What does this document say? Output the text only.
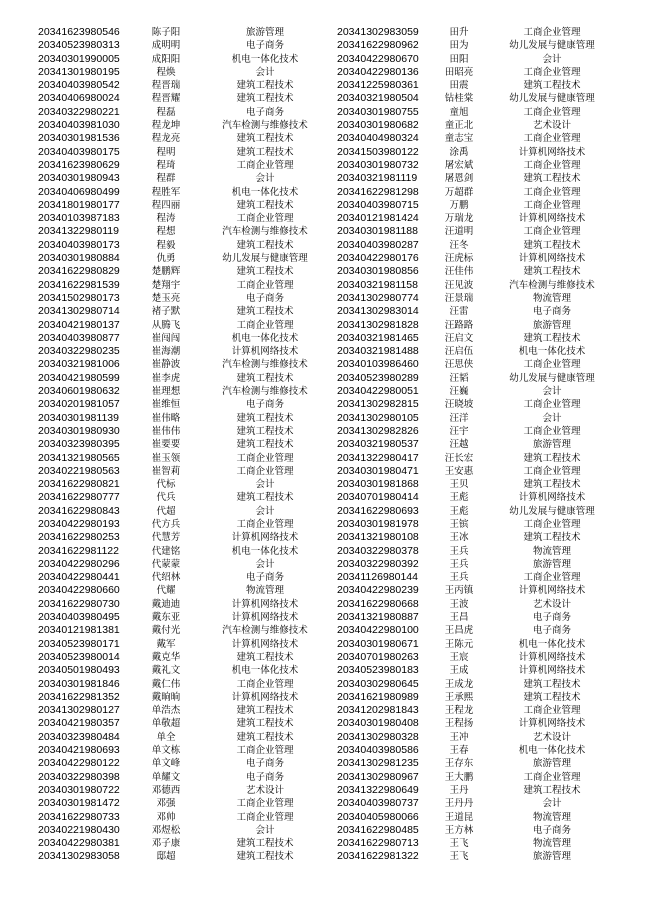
20341623980546	陈子阳	旅游管理
20340523980313	成明明	电子商务
20340301990005	成阳阳	机电一体化技术
20341301980195	程焕	会计
20340403980542	程晋瑞	建筑工程技术
20340406980024	程晋耀	建筑工程技术
20340322980221	程磊	电子商务
20340403981030	程龙坤	汽车检测与维修技术
20340301981536	程龙亮	建筑工程技术
20340403980175	程明	建筑工程技术
20341623980629	程琦	工商企业管理
20340301980943	程群	会计
20340406980499	程胜军	机电一体化技术
20341801980177	程四丽	建筑工程技术
20340103987183	程涛	工商企业管理
20341322980119	程想	汽车检测与维修技术
20340403980173	程毅	建筑工程技术
20340301980884	仇勇	幼儿发展与健康管理
20341622980829	楚鹏辉	建筑工程技术
20341622981539	楚翔宇	工商企业管理
20341502980173	楚玉亮	电子商务
20341302980714	褚子默	建筑工程技术
20340421980137	从腾飞	工商企业管理
20340403980877	崔闯闯	机电一体化技术
20340322980235	崔海潮	计算机网络技术
20340321981006	崔静波	汽车检测与维修技术
20340421980599	崔李虎	建筑工程技术
20340601980632	崔理想	汽车检测与维修技术
20340201981057	崔维恒	电子商务
20340301981139	崔伟略	建筑工程技术
20340301980930	崔伟伟	建筑工程技术
20340323980395	崔要要	建筑工程技术
20341321980565	崔玉领	工商企业管理
20340221980563	崔智莉	工商企业管理
20341622980821	代标	会计
20341622980777	代兵	建筑工程技术
20341622980843	代超	会计
20340422980193	代方兵	工商企业管理
20341622980253	代慧芳	计算机网络技术
20341622981122	代建铭	机电一体化技术
20340422980296	代蒙蒙	会计
20340422980441	代绍林	电子商务
20340422980660	代耀	物流管理
20341622980730	戴迪迪	计算机网络技术
20340403980495	戴东亚	计算机网络技术
20340121981381	戴付光	汽车检测与维修技术
20340523980171	戴军	计算机网络技术
20340523980014	戴克华	建筑工程技术
20340501980493	戴礼文	机电一体化技术
20340301981846	戴仁伟	工商企业管理
20341622981352	戴晌晌	计算机网络技术
20341302980127	单浩杰	建筑工程技术
20340421980357	单敬超	建筑工程技术
20340323980484	单全	建筑工程技术
20340421980693	单文栋	工商企业管理
20340422980122	单文峰	电子商务
20340322980398	单耀文	电子商务
20340301980722	邓德西	艺术设计
20340301981472	邓强	工商企业管理
20341622980733	邓帅	工商企业管理
20340221980430	邓煜松	会计
20340422980381	邓子康	建筑工程技术
20341302983058	邸超	建筑工程技术
20341302983059	田升	工商企业管理
20341622980962	田为	幼儿发展与健康管理
20340422980670	田阳	会计
20340422980136	田昭亮	工商企业管理
20341225980361	田震	建筑工程技术
20340321980504	钻桂棠	幼儿发展与健康管理
20340301980755	童旭	工商企业管理
20340301980682	童正北	艺术设计
20340404980324	童志宝	工商企业管理
20341503980122	涂禹	计算机网络技术
20340301980732	屠宏斌	工商企业管理
20340321981119	屠恩剑	建筑工程技术
20341622981298	万超群	工商企业管理
20340403980715	万鹏	工商企业管理
20340121981424	万瑞龙	计算机网络技术
20340301981188	汪道明	工商企业管理
20340403980287	汪冬	建筑工程技术
20340422980176	汪虎标	计算机网络技术
20340301980856	汪佳伟	建筑工程技术
20340321981158	汪见波	汽车检测与维修技术
20341302980774	汪景瑞	物流管理
20341302983014	汪雷	电子商务
20341302981828	汪路路	旅游管理
20340321981465	汪启文	建筑工程技术
20340321981488	汪启伍	机电一体化技术
20340103986460	汪思侠	工商企业管理
20340523980289	汪韬	幼儿发展与健康管理
20340422980051	汪巍	会计
20341302982815	汪晓坡	工商企业管理
20341302980105	汪洋	会计
20341302982826	汪宇	工商企业管理
20340321980537	汪越	旅游管理
20341322980417	汪长宏	建筑工程技术
20340301980471	王安惠	工商企业管理
20340301981868	王贝	建筑工程技术
20340701980414	王彪	计算机网络技术
20341622980693	王彪	幼儿发展与健康管理
20340301981978	王镔	工商企业管理
20341321980108	王冰	建筑工程技术
20340322980378	王兵	物流管理
20340322980392	王兵	旅游管理
20341126980144	王兵	工商企业管理
20340422980239	王丙镇	计算机网络技术
20341622980668	王波	艺术设计
20341321980887	王昌	电子商务
20340422980100	王昌虎	电子商务
20340301980671	王陈元	机电一体化技术
20340701980263	王宸	计算机网络技术
20340523980183	王成	计算机网络技术
20340302980645	王成龙	建筑工程技术
20341621980989	王承熙	建筑工程技术
20341202981843	王程龙	工商企业管理
20340301980408	王程扬	计算机网络技术
20341302980328	王冲	艺术设计
20340403980586	王春	机电一体化技术
20341302981235	王存东	旅游管理
20341302980967	王大鹏	工商企业管理
20341322980649	王丹	建筑工程技术
20340403980737	王丹丹	会计
20340405980066	王道昆	物流管理
20341622980485	王方林	电子商务
20341622980713	王飞	物流管理
20341622981322	王飞	旅游管理
